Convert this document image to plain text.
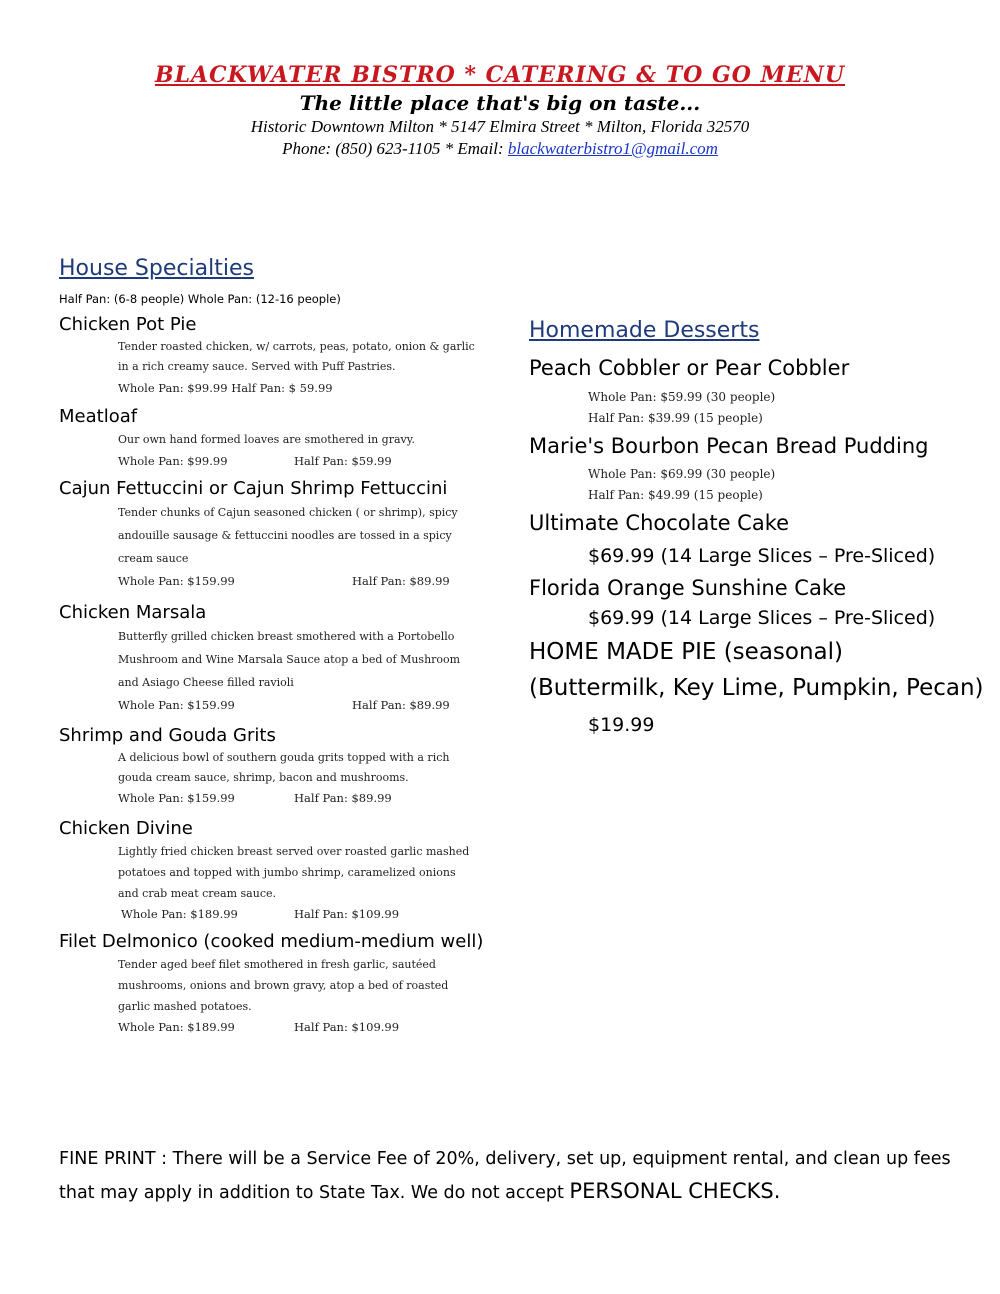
BLACKWATER BISTRO * CATERING & TO GO MENU
The little place that's big on taste...
Historic Downtown Milton * 5147 Elmira Street * Milton, Florida 32570
Phone: (850) 623-1105 * Email: blackwaterbistro1@gmail.com
House Specialties
Half Pan: (6-8 people) Whole Pan: (12-16 people)
Chicken Pot Pie
Tender roasted chicken, w/ carrots, peas, potato, onion & garlic in a rich creamy sauce. Served with Puff Pastries.
Whole Pan: $99.99 Half Pan: $ 59.99
Meatloaf
Our own hand formed loaves are smothered in gravy.
Whole Pan: $99.99	Half Pan: $59.99
Cajun Fettuccini or Cajun Shrimp Fettuccini
Tender chunks of Cajun seasoned chicken ( or shrimp), spicy andouille sausage & fettuccini noodles are tossed in a spicy cream sauce
Whole Pan: $159.99	Half Pan: $89.99
Chicken Marsala
Butterfly grilled chicken breast smothered with a Portobello Mushroom and Wine Marsala Sauce atop a bed of Mushroom and Asiago Cheese filled ravioli
Whole Pan: $159.99	Half Pan: $89.99
Shrimp and Gouda Grits
A delicious bowl of southern gouda grits topped with a rich gouda cream sauce, shrimp, bacon and mushrooms.
Whole Pan: $159.99	Half Pan: $89.99
Chicken Divine
Lightly fried chicken breast served over roasted garlic mashed potatoes and topped with jumbo shrimp, caramelized onions and crab meat cream sauce.
Whole Pan: $189.99	Half Pan: $109.99
Filet Delmonico (cooked medium-medium well)
Tender aged beef filet smothered in fresh garlic, sautéed mushrooms, onions and brown gravy, atop a bed of roasted garlic mashed potatoes.
Whole Pan: $189.99	Half Pan: $109.99
Homemade Desserts
Peach Cobbler or Pear Cobbler
Whole Pan: $59.99 (30 people)
Half Pan: $39.99 (15 people)
Marie's Bourbon Pecan Bread Pudding
Whole Pan: $69.99 (30 people)
Half Pan: $49.99 (15 people)
Ultimate Chocolate Cake
$69.99 (14 Large Slices – Pre-Sliced)
Florida Orange Sunshine Cake
$69.99 (14 Large Slices – Pre-Sliced)
HOME MADE PIE (seasonal)
(Buttermilk, Key Lime, Pumpkin, Pecan)
$19.99
FINE PRINT : There will be a Service Fee of 20%, delivery, set up, equipment rental, and clean up fees that may apply in addition to State Tax. We do not accept PERSONAL CHECKS.
